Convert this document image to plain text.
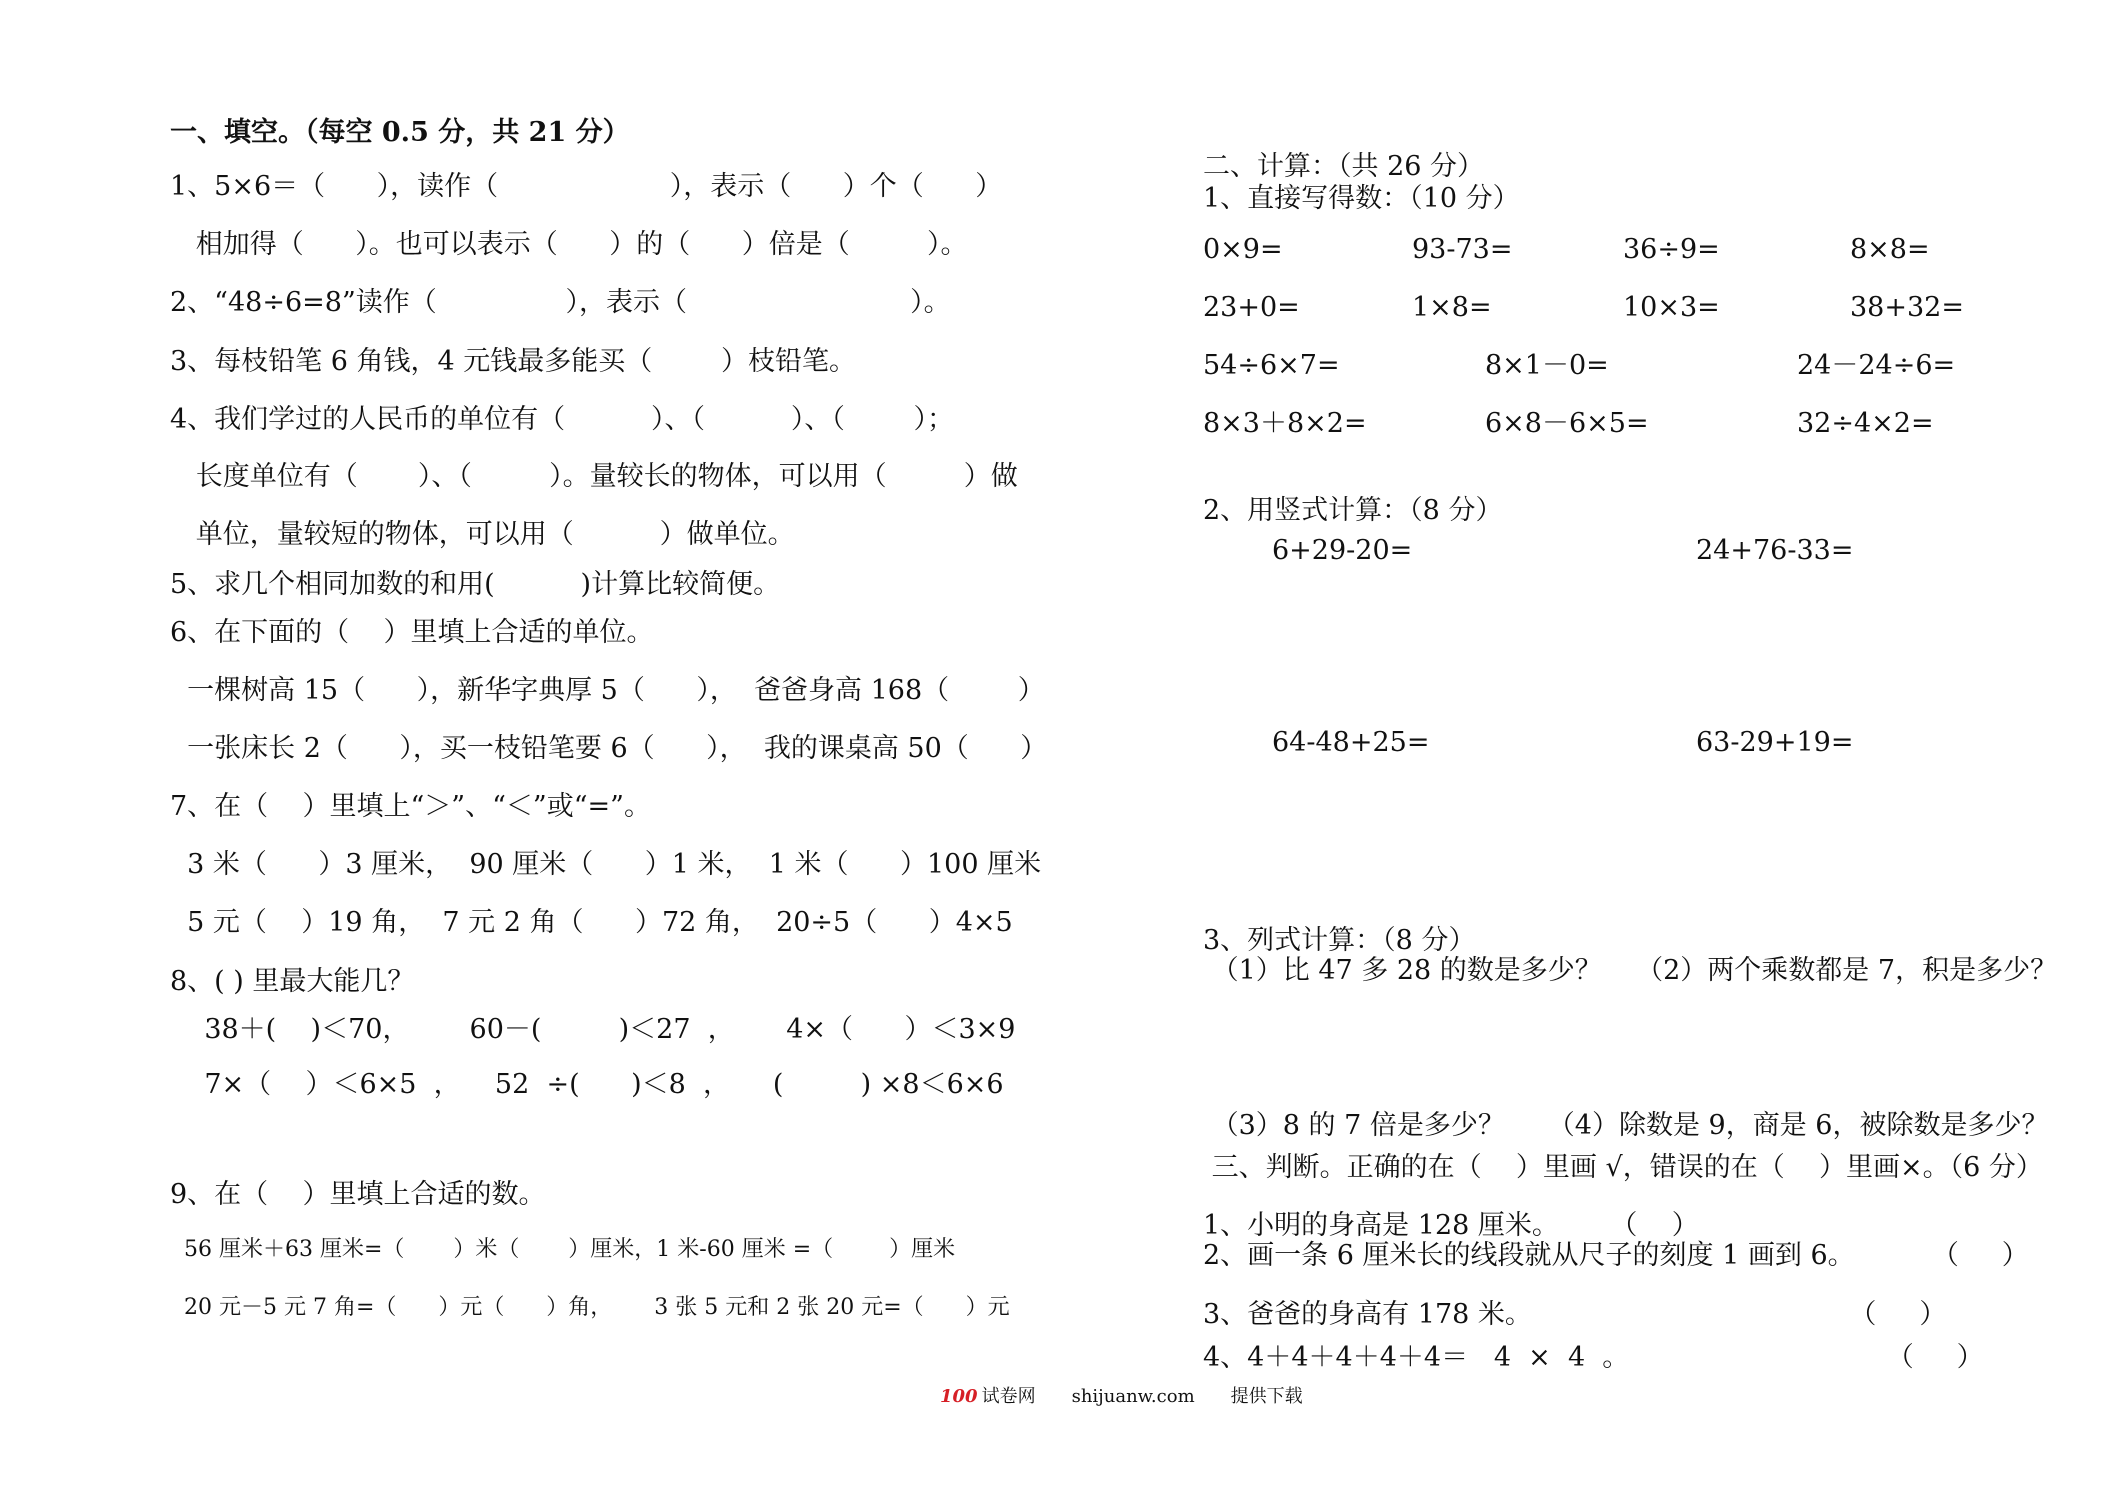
一、填空。（每空 0.5 分，共 21 分）
1、5×6＝（      ），读作（                    ），表示（      ）个（      ）
相加得（      ）。也可以表示（      ）的（      ）倍是（         ）。
2、“48÷6=8”读作（               ），表示（                          ）。
3、每枝铅笔 6 角钱，4 元钱最多能买（        ）枝铅笔。
4、我们学过的人民币的单位有（          ）、（          ）、（        ）；
长度单位有（       ）、（         ）。量较长的物体，可以用（         ）做
单位，量较短的物体，可以用（          ）做单位。
5、求几个相同加数的和用(          )计算比较简便。
6、在下面的（    ）里填上合适的单位。
一棵树高 15（      ），新华字典厚 5（      ），  爸爸身高 168（        ）
一张床长 2（      ），买一枝铅笔要 6（      ），  我的课桌高 50（      ）
7、在（    ）里填上“＞”、“＜”或“=”。
3 米（      ）3 厘米，  90 厘米（      ）1 米，  1 米（      ）100 厘米
5 元（    ）19 角，  7 元 2 角（      ）72 角，  20÷5（      ）4×5
8、( ) 里最大能几？
38＋(    )＜70，       60－(         )＜27  ，      4×（      ）＜3×9
7×（    ）＜6×5  ，    52  ÷(      )＜8  ，     (         ) ×8＜6×6
9、在（    ）里填上合适的数。
56 厘米＋63 厘米=（       ）米（       ）厘米，1 米-60 厘米 =（        ）厘米
20 元－5 元 7 角=（      ）元（      ）角，      3 张 5 元和 2 张 20 元=（      ）元
二、计算：（共 26 分）
1、直接写得数：（10 分）
0×9=	93-73=	36÷9=	8×8=
23+0=	1×8=	10×3=	38+32=
54÷6×7=	8×1－0=	24－24÷6=
8×3＋8×2=	6×8－6×5=	32÷4×2=
2、用竖式计算：（8 分）
6+29-20=	24+76-33=
64-48+25=	63-29+19=
3、列式计算：（8 分）
（1）比 47 多 28 的数是多少？    （2）两个乘数都是 7，积是多少？
（3）8 的 7 倍是多少？     （4）除数是 9，商是 6，被除数是多少？
三、判断。正确的在（    ）里画 √，错误的在（    ）里画×。（6 分）
1、小明的身高是 128 厘米。      （    ）
2、画一条 6 厘米长的线段就从尺子的刻度 1 画到 6。         （     ）
3、爸爸的身高有 178 米。                                     （     ）
4、4＋4＋4＋4＋4＝   4  ×  4  。                              （     ）
100 试卷网 shijuanw.com 提供下载
